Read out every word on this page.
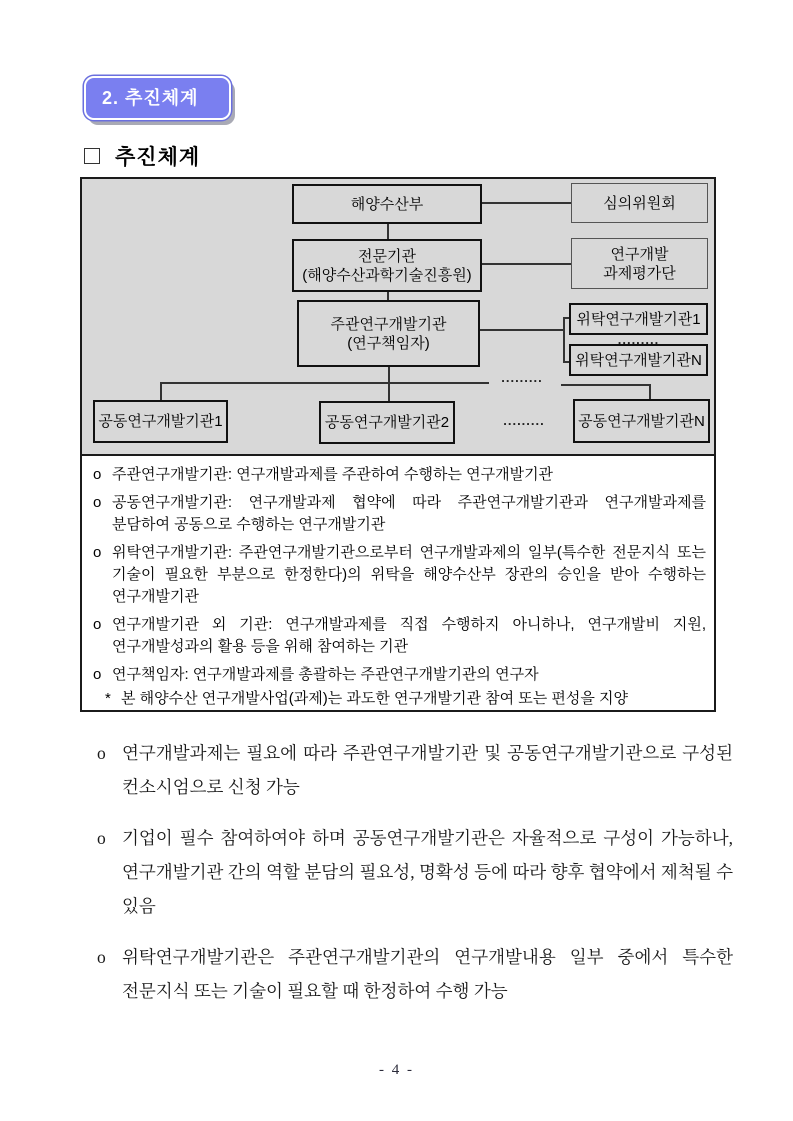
2. 추진체계
추진체계
.........
.........
.........
해양수산부	심의위원회
전문기관
(해양수산과학기술진흥원)
연구개발
과제평가단
주관연구개발기관
(연구책임자)
위탁연구개발기관1
위탁연구개발기관N
공동연구개발기관1	공동연구개발기관2	공동연구개발기관N
o 주관연구개발기관: 연구개발과제를 주관하여 수행하는 연구개발기관
o 공동연구개발기관: 연구개발과제 협약에 따라 주관연구개발기관과 연구개발과제를 분담하여 공동으로 수행하는 연구개발기관
o 위탁연구개발기관: 주관연구개발기관으로부터 연구개발과제의 일부(특수한 전문지식 또는 기술이 필요한 부분으로 한정한다)의 위탁을 해양수산부 장관의 승인을 받아 수행하는 연구개발기관
o 연구개발기관 외 기관: 연구개발과제를 직접 수행하지 아니하나, 연구개발비 지원, 연구개발성과의 활용 등을 위해 참여하는 기관
o 연구책임자: 연구개발과제를 총괄하는 주관연구개발기관의 연구자
* 본 해양수산 연구개발사업(과제)는 과도한 연구개발기관 참여 또는 편성을 지양
o 연구개발과제는 필요에 따라 주관연구개발기관 및 공동연구개발기관으로 구성된 컨소시엄으로 신청 가능
o 기업이 필수 참여하여야 하며 공동연구개발기관은 자율적으로 구성이 가능하나, 연구개발기관 간의 역할 분담의 필요성, 명확성 등에 따라 향후 협약에서 제척될 수 있음
o 위탁연구개발기관은 주관연구개발기관의 연구개발내용 일부 중에서 특수한 전문지식 또는 기술이 필요할 때 한정하여 수행 가능
- 4 -
